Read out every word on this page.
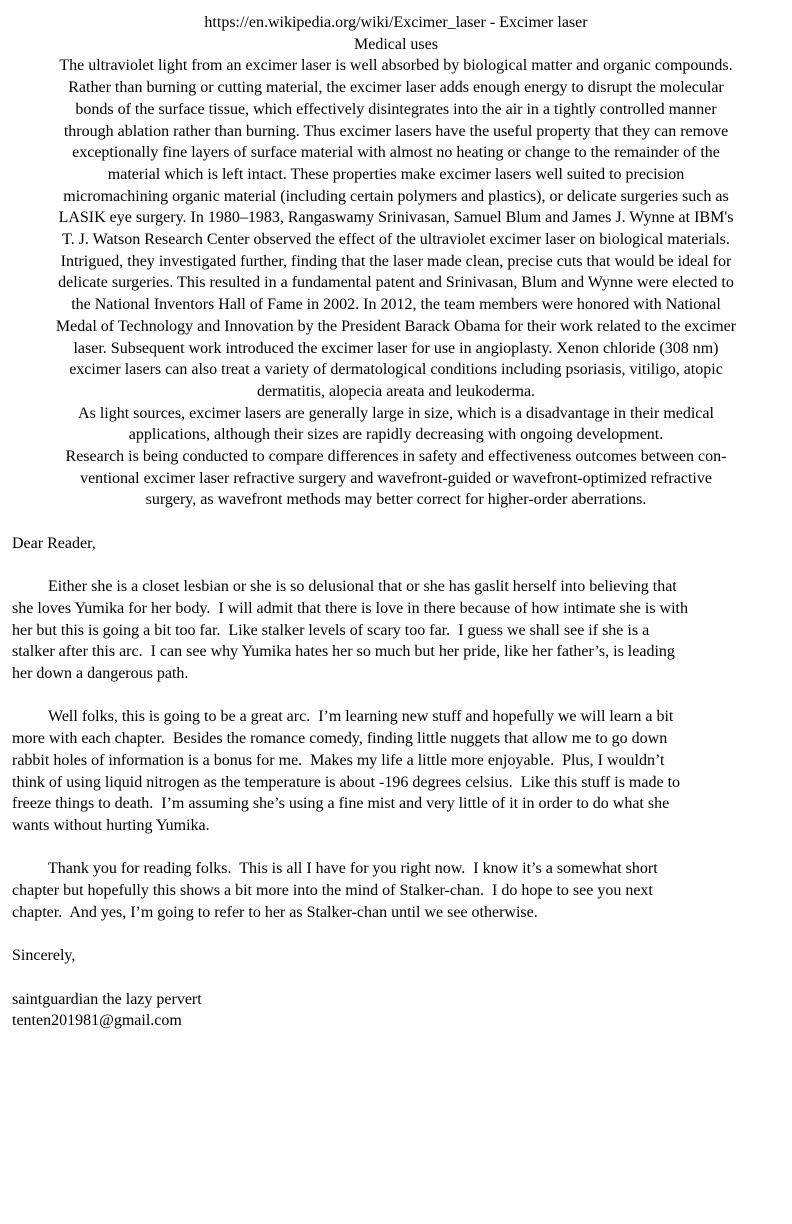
https://en.wikipedia.org/wiki/Excimer_laser - Excimer laser
Medical uses
The ultraviolet light from an excimer laser is well absorbed by biological matter and organic compounds.
Rather than burning or cutting material, the excimer laser adds enough energy to disrupt the molecular
bonds of the surface tissue, which effectively disintegrates into the air in a tightly controlled manner
through ablation rather than burning. Thus excimer lasers have the useful property that they can remove
exceptionally fine layers of surface material with almost no heating or change to the remainder of the
material which is left intact. These properties make excimer lasers well suited to precision
micromachining organic material (including certain polymers and plastics), or delicate surgeries such as
LASIK eye surgery. In 1980–1983, Rangaswamy Srinivasan, Samuel Blum and James J. Wynne at IBM's
T. J. Watson Research Center observed the effect of the ultraviolet excimer laser on biological materials.
Intrigued, they investigated further, finding that the laser made clean, precise cuts that would be ideal for
delicate surgeries. This resulted in a fundamental patent and Srinivasan, Blum and Wynne were elected to
the National Inventors Hall of Fame in 2002. In 2012, the team members were honored with National
Medal of Technology and Innovation by the President Barack Obama for their work related to the excimer
laser. Subsequent work introduced the excimer laser for use in angioplasty. Xenon chloride (308 nm)
excimer lasers can also treat a variety of dermatological conditions including psoriasis, vitiligo, atopic
dermatitis, alopecia areata and leukoderma.
As light sources, excimer lasers are generally large in size, which is a disadvantage in their medical
applications, although their sizes are rapidly decreasing with ongoing development.
Research is being conducted to compare differences in safety and effectiveness outcomes between con-
ventional excimer laser refractive surgery and wavefront-guided or wavefront-optimized refractive
surgery, as wavefront methods may better correct for higher-order aberrations.
Dear Reader,
Either she is a closet lesbian or she is so delusional that or she has gaslit herself into believing that
she loves Yumika for her body.  I will admit that there is love in there because of how intimate she is with
her but this is going a bit too far.  Like stalker levels of scary too far.  I guess we shall see if she is a
stalker after this arc.  I can see why Yumika hates her so much but her pride, like her father’s, is leading
her down a dangerous path.
Well folks, this is going to be a great arc.  I’m learning new stuff and hopefully we will learn a bit
more with each chapter.  Besides the romance comedy, finding little nuggets that allow me to go down
rabbit holes of information is a bonus for me.  Makes my life a little more enjoyable.  Plus, I wouldn’t
think of using liquid nitrogen as the temperature is about -196 degrees celsius.  Like this stuff is made to
freeze things to death.  I’m assuming she’s using a fine mist and very little of it in order to do what she
wants without hurting Yumika.
Thank you for reading folks.  This is all I have for you right now.  I know it’s a somewhat short
chapter but hopefully this shows a bit more into the mind of Stalker-chan.  I do hope to see you next
chapter.  And yes, I’m going to refer to her as Stalker-chan until we see otherwise.
Sincerely,
saintguardian the lazy pervert
tenten201981@gmail.com
